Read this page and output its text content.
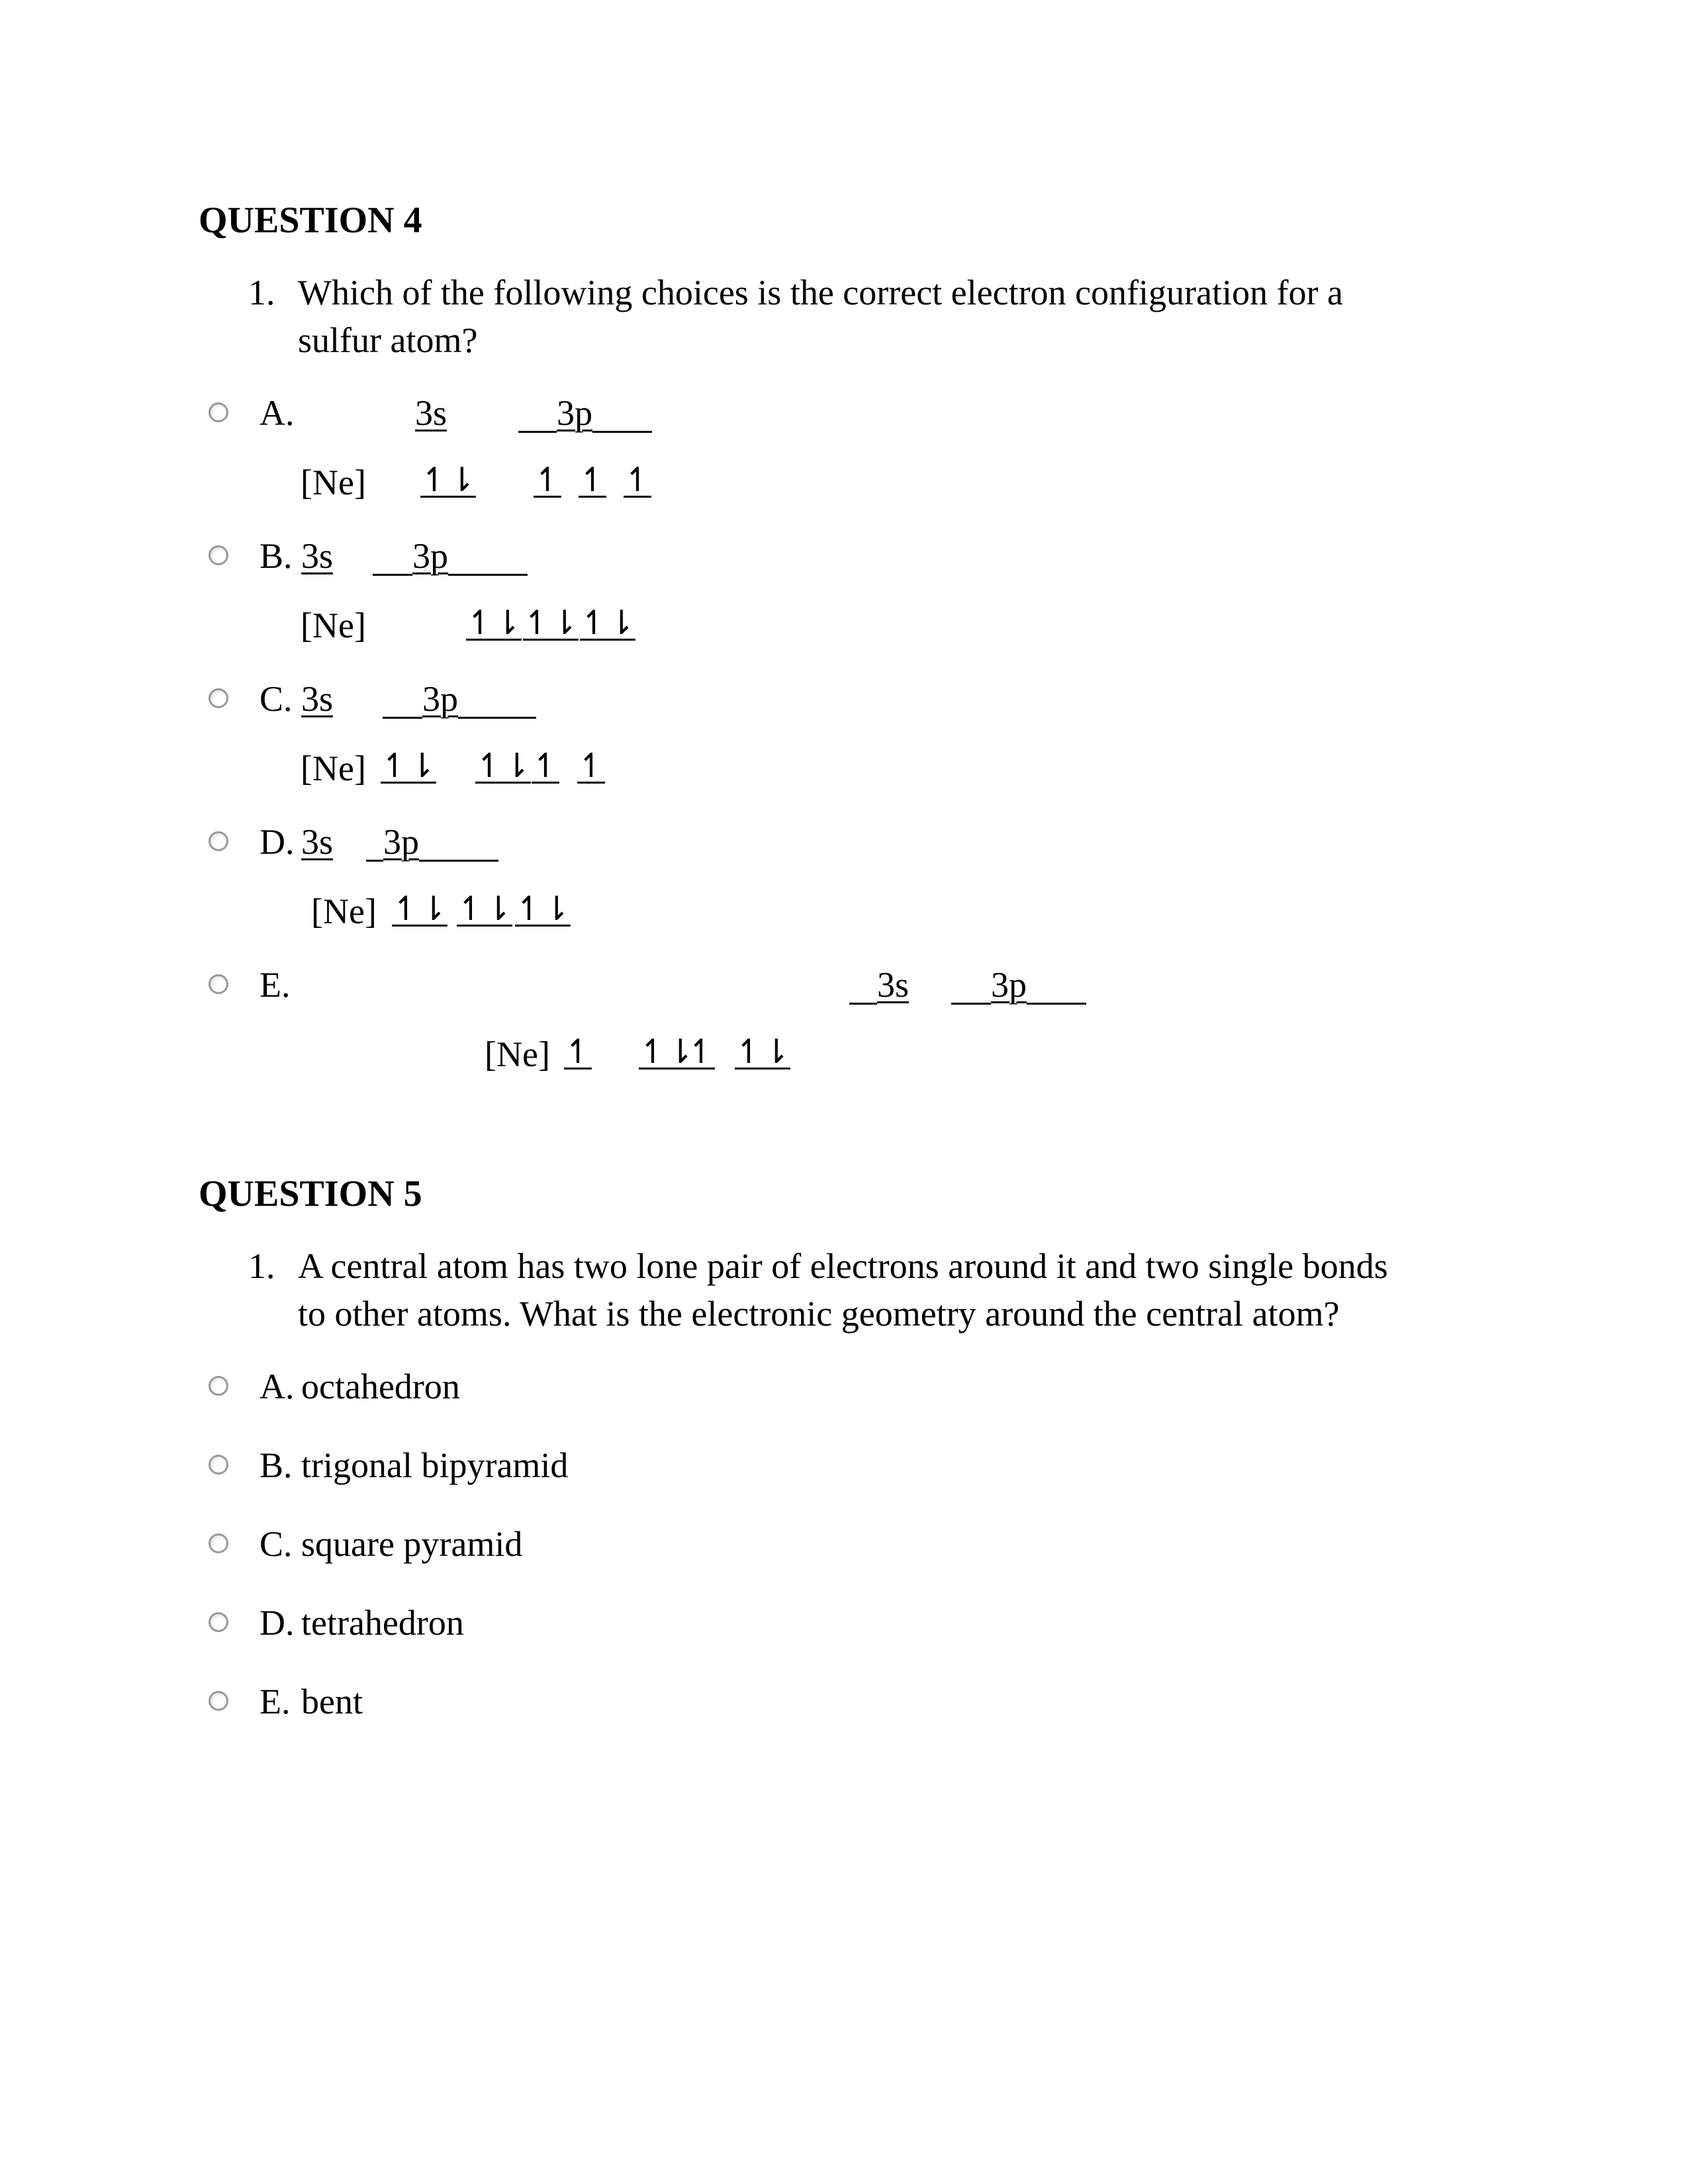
QUESTION 4
1. Which of the following choices is the correct electron configuration for a
sulfur atom?
A.	3s	3p
[Ne] ↿⇂ ↿ ↿ ↿
B. 3s 3p
[Ne]	↿⇂ ↿⇂ ↿⇂
C. 3s 3p
[Ne] ↿⇂ ↿⇂ ↿ ↿
D. 3s 3p
[Ne] ↿⇂ ↿⇂ ↿⇂
E.	3s 3p
[Ne] ↿ ↿⇂
↿ ↿⇂
QUESTION 5
1. A central atom has two lone pair of electrons around it and two single bonds
to other atoms. What is the electronic geometry around the central atom?
A. octahedron
B. trigonal bipyramid
C. square pyramid
D. tetrahedron
E. bent
